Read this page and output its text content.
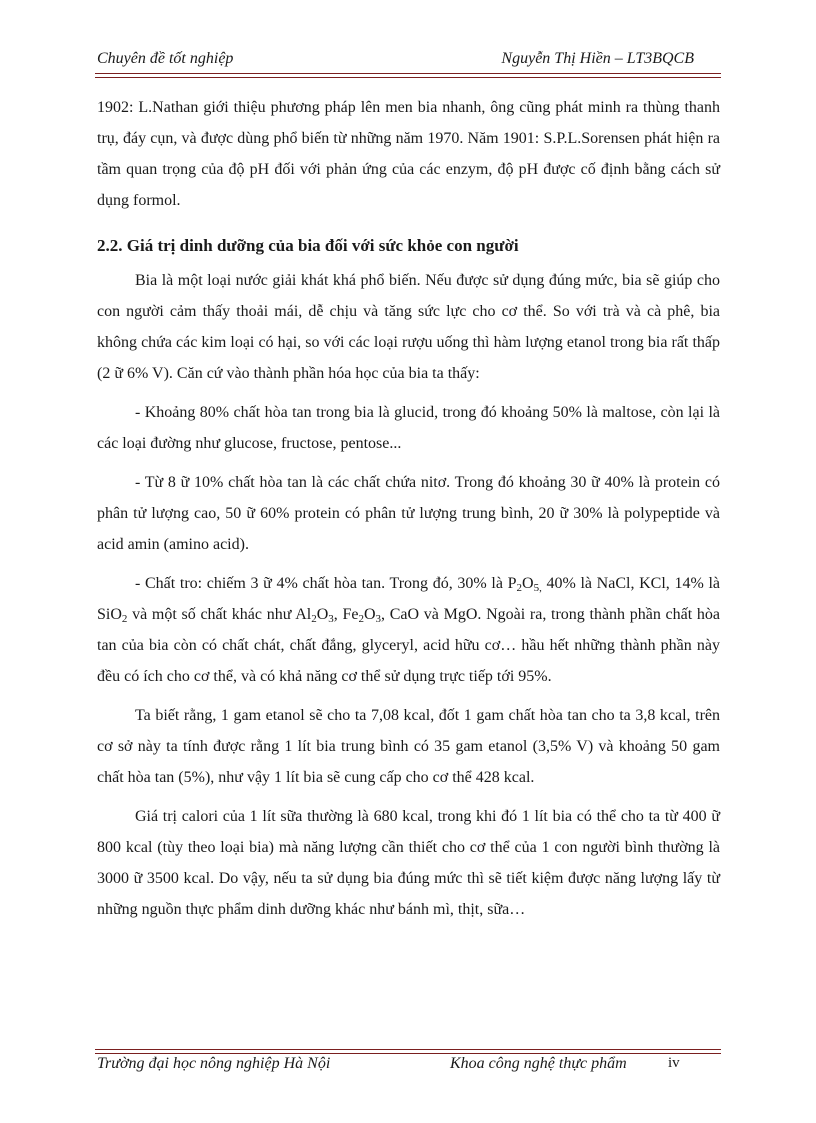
Chuyên đề tốt nghiệp	Nguyễn Thị Hiền – LT3BQCB

1902: L.Nathan giới thiệu phương pháp lên men bia nhanh, ông cũng phát minh ra thùng thanh trụ, đáy cụn, và được dùng phổ biến từ những năm 1970. Năm 1901: S.P.L.Sorensen phát hiện ra tầm quan trọng của độ pH đối với phản ứng của các enzym, độ pH được cố định bằng cách sử dụng formol.

2.2. Giá trị dinh dưỡng của bia đối với sức khỏe con người

Bia là một loại nước giải khát khá phổ biến. Nếu được sử dụng đúng mức, bia sẽ giúp cho con người cảm thấy thoải mái, dễ chịu và tăng sức lực cho cơ thể. So với trà và cà phê, bia không chứa các kim loại có hại, so với các loại rượu uống thì hàm lượng etanol trong bia rất thấp (2 ữ 6% V). Căn cứ vào thành phần hóa học của bia ta thấy:

- Khoảng 80% chất hòa tan trong bia là glucid, trong đó khoảng 50% là maltose, còn lại là các loại đường như glucose, fructose, pentose...

- Từ 8 ữ 10% chất hòa tan là các chất chứa nitơ. Trong đó khoảng 30 ữ 40% là protein có phân tử lượng cao, 50 ữ 60% protein có phân tử lượng trung bình, 20 ữ 30% là polypeptide và acid amin (amino acid).

- Chất tro: chiếm 3 ữ 4% chất hòa tan. Trong đó, 30% là $P_2O_{5,}$ 40% là NaCl, KCl, 14% là SiO$_2$ và một số chất khác như $Al_2O_3$, $Fe_2O_3$, CaO và MgO. Ngoài ra, trong thành phần chất hòa tan của bia còn có chất chát, chất đắng, glyceryl, acid hữu cơ… hầu hết những thành phần này đều có ích cho cơ thể, và có khả năng cơ thể sử dụng trực tiếp tới 95%.

Ta biết rằng, 1 gam etanol sẽ cho ta 7,08 kcal, đốt 1 gam chất hòa tan cho ta 3,8 kcal, trên cơ sở này ta tính được rằng 1 lít bia trung bình có 35 gam etanol (3,5% V) và khoảng 50 gam chất hòa tan (5%), như vậy 1 lít bia sẽ cung cấp cho cơ thể 428 kcal.

Giá trị calori của 1 lít sữa thường là 680 kcal, trong khi đó 1 lít bia có thể cho ta từ 400 ữ 800 kcal (tùy theo loại bia) mà năng lượng cần thiết cho cơ thể của 1 con người bình thường là 3000 ữ 3500 kcal. Do vậy, nếu ta sử dụng bia đúng mức thì sẽ tiết kiệm được năng lượng lấy từ những nguồn thực phẩm dinh dưỡng khác như bánh mì, thịt, sữa…

Trường đại học nông nghiệp Hà Nội	Khoa công nghệ thực phẩm	iv
